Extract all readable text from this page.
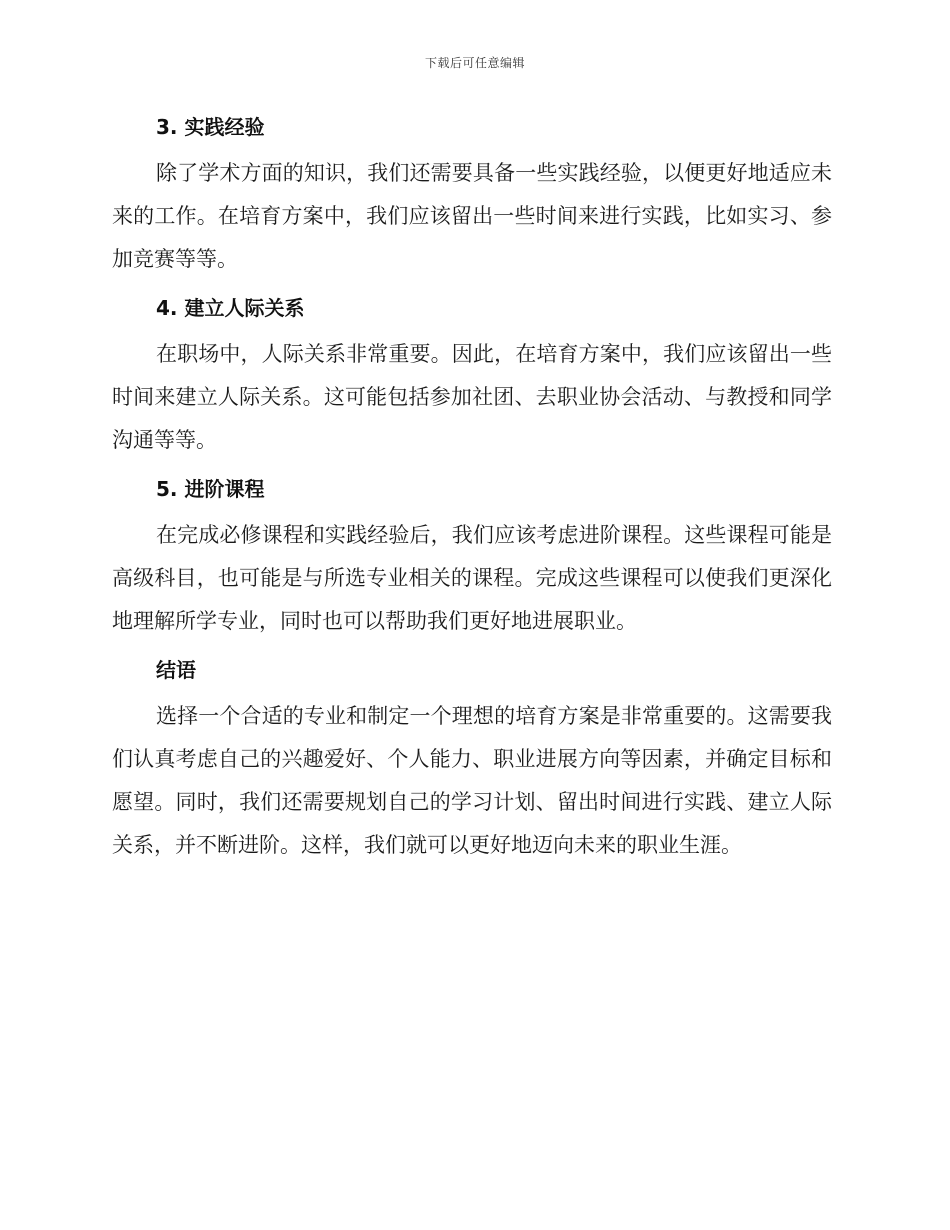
下载后可任意编辑
3. 实践经验

除了学术方面的知识，我们还需要具备一些实践经验，以便更好地适应未来的工作。在培育方案中，我们应该留出一些时间来进行实践，比如实习、参加竞赛等等。

4. 建立人际关系

在职场中，人际关系非常重要。因此，在培育方案中，我们应该留出一些时间来建立人际关系。这可能包括参加社团、去职业协会活动、与教授和同学沟通等等。

5. 进阶课程

在完成必修课程和实践经验后，我们应该考虑进阶课程。这些课程可能是高级科目，也可能是与所选专业相关的课程。完成这些课程可以使我们更深化地理解所学专业，同时也可以帮助我们更好地进展职业。

结语

选择一个合适的专业和制定一个理想的培育方案是非常重要的。这需要我们认真考虑自己的兴趣爱好、个人能力、职业进展方向等因素，并确定目标和愿望。同时，我们还需要规划自己的学习计划、留出时间进行实践、建立人际关系，并不断进阶。这样，我们就可以更好地迈向未来的职业生涯。
